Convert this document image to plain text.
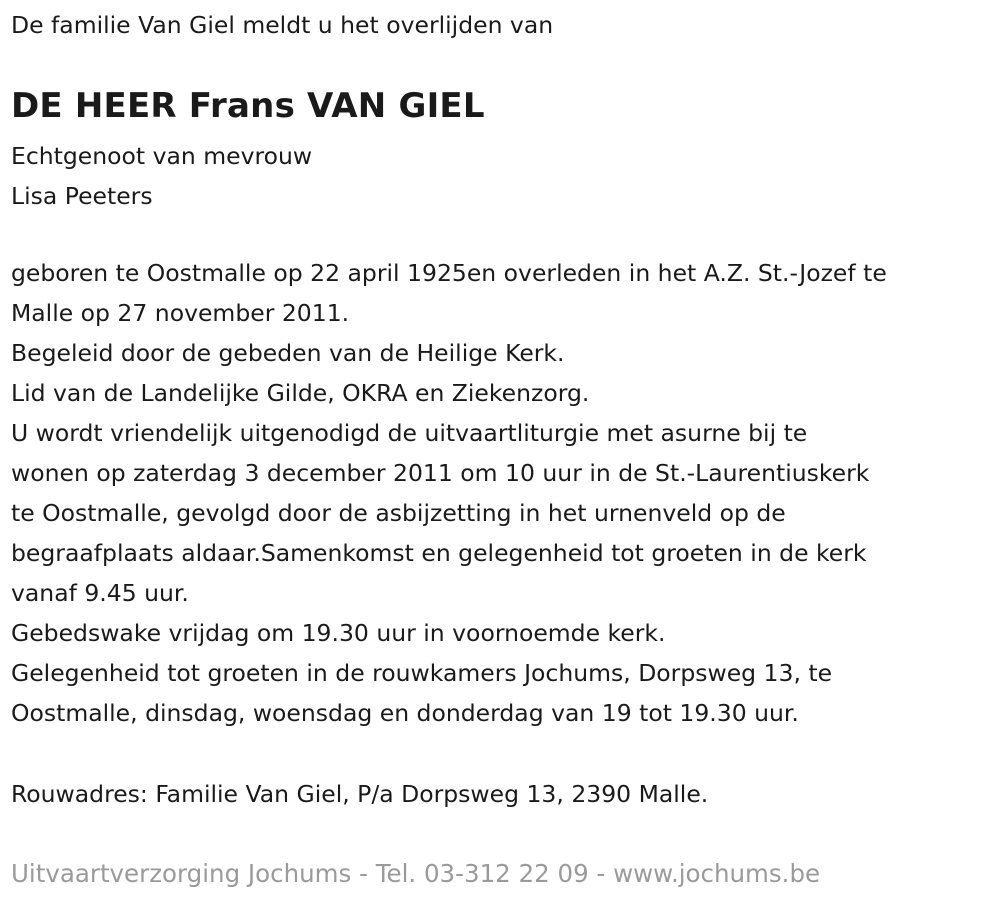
De familie Van Giel meldt u het overlijden van
DE HEER Frans VAN GIEL
Echtgenoot van mevrouw
Lisa Peeters
geboren te Oostmalle op 22 april 1925en overleden in het A.Z. St.-Jozef te
Malle op 27 november 2011.
Begeleid door de gebeden van de Heilige Kerk.
Lid van de Landelijke Gilde, OKRA en Ziekenzorg.
U wordt vriendelijk uitgenodigd de uitvaartliturgie met asurne bij te
wonen op zaterdag 3 december 2011 om 10 uur in de St.-Laurentiuskerk
te Oostmalle, gevolgd door de asbijzetting in het urnenveld op de
begraafplaats aldaar.Samenkomst en gelegenheid tot groeten in de kerk
vanaf 9.45 uur.
Gebedswake vrijdag om 19.30 uur in voornoemde kerk.
Gelegenheid tot groeten in de rouwkamers Jochums, Dorpsweg 13, te
Oostmalle, dinsdag, woensdag en donderdag van 19 tot 19.30 uur.
Rouwadres: Familie Van Giel, P/a Dorpsweg 13, 2390 Malle.
Uitvaartverzorging Jochums - Tel. 03-312 22 09 - www.jochums.be
